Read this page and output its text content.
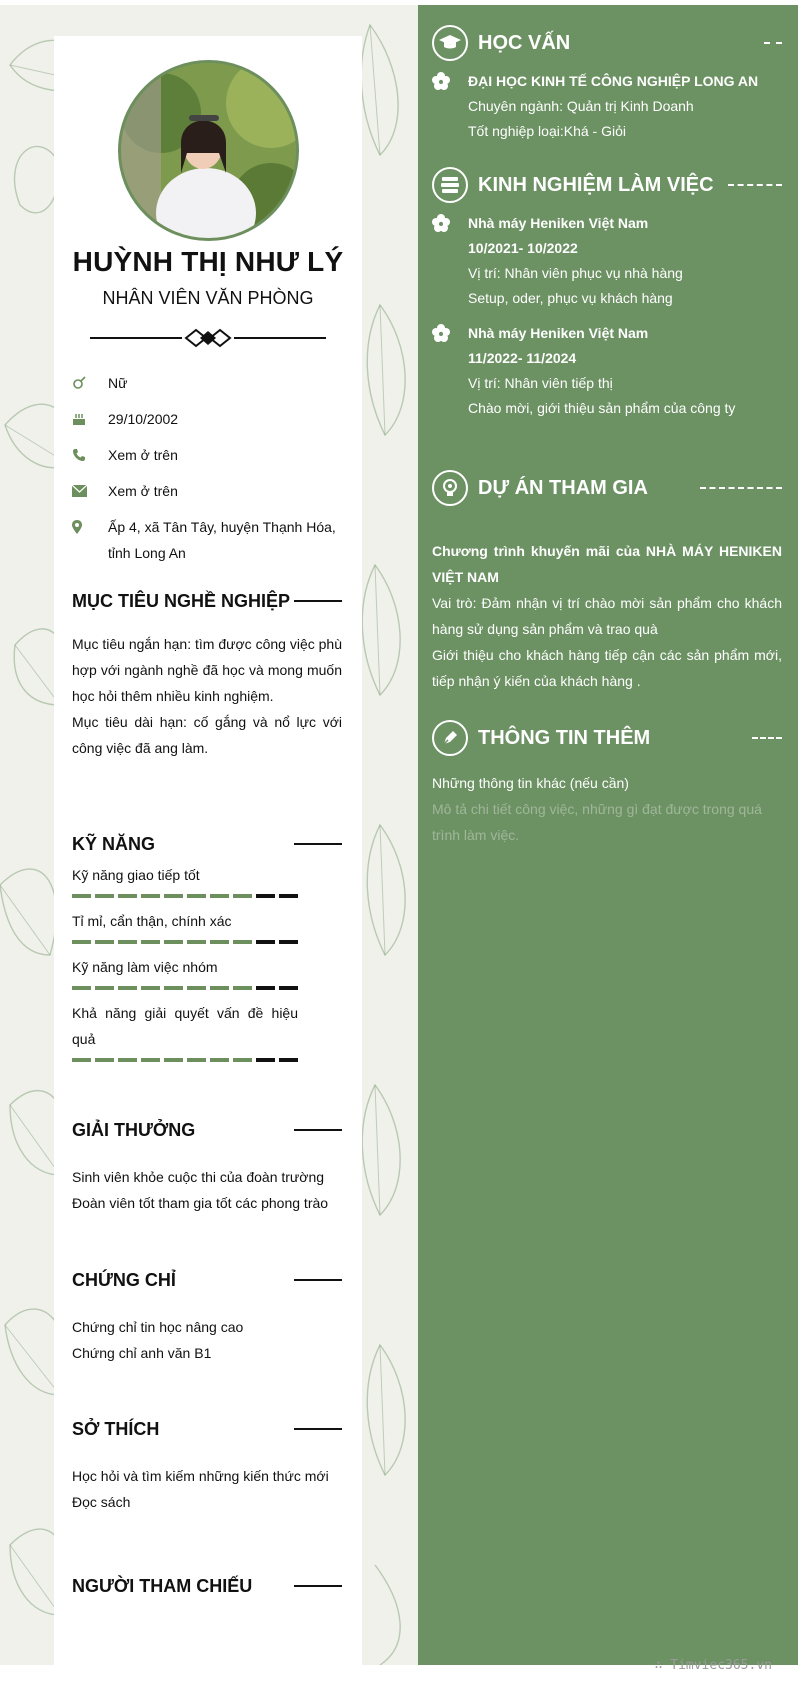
HUỲNH THỊ NHƯ LÝ
NHÂN VIÊN VĂN PHÒNG
Nữ
29/10/2002
Xem ở trên
Xem ở trên
Ấp 4, xã Tân Tây, huyện Thạnh Hóa, tỉnh Long An
MỤC TIÊU NGHỀ NGHIỆP
Mục tiêu ngắn hạn: tìm được công việc phù hợp với ngành nghề đã học và mong muốn học hỏi thêm nhiều kinh nghiệm.
Mục tiêu dài hạn: cố gắng và nổ lực với công việc đã ang làm.
KỸ NĂNG
Kỹ năng giao tiếp tốt
Tỉ mỉ, cẩn thận, chính xác
Kỹ năng làm việc nhóm
Khả năng giải quyết vấn đề hiệu quả
GIẢI THƯỞNG
Sinh viên khỏe cuộc thi của đoàn trường
Đoàn viên tốt tham gia tốt các phong trào
CHỨNG CHỈ
Chứng chỉ tin học nâng cao
Chứng chỉ anh văn B1
SỞ THÍCH
Học hỏi và tìm kiếm những kiến thức mới
Đọc sách
NGƯỜI THAM CHIẾU
HỌC VẤN
ĐẠI HỌC KINH TẾ CÔNG NGHIỆP LONG AN
Chuyên ngành: Quản trị Kinh Doanh
Tốt nghiệp loại:Khá - Giỏi
KINH NGHIỆM LÀM VIỆC
Nhà máy Heniken Việt Nam
10/2021- 10/2022
Vị trí: Nhân viên phục vụ nhà hàng
Setup, oder, phục vụ khách hàng
Nhà máy Heniken Việt Nam
11/2022- 11/2024
Vị trí: Nhân viên tiếp thị
Chào mời, giới thiệu sản phẩm của công ty
DỰ ÁN THAM GIA
Chương trình khuyến mãi của NHÀ MÁY HENIKEN VIỆT NAM
Vai trò: Đảm nhận vị trí chào mời sản phẩm cho khách hàng sử dụng sản phẩm và trao quà
Giới thiệu cho khách hàng tiếp cận các sản phẩm mới, tiếp nhận ý kiến của khách hàng .
THÔNG TIN THÊM
Những thông tin khác (nếu cần)
Mô tả chi tiết công việc, những gì đạt được trong quá trình làm việc.
∴ Timviec365.vn
